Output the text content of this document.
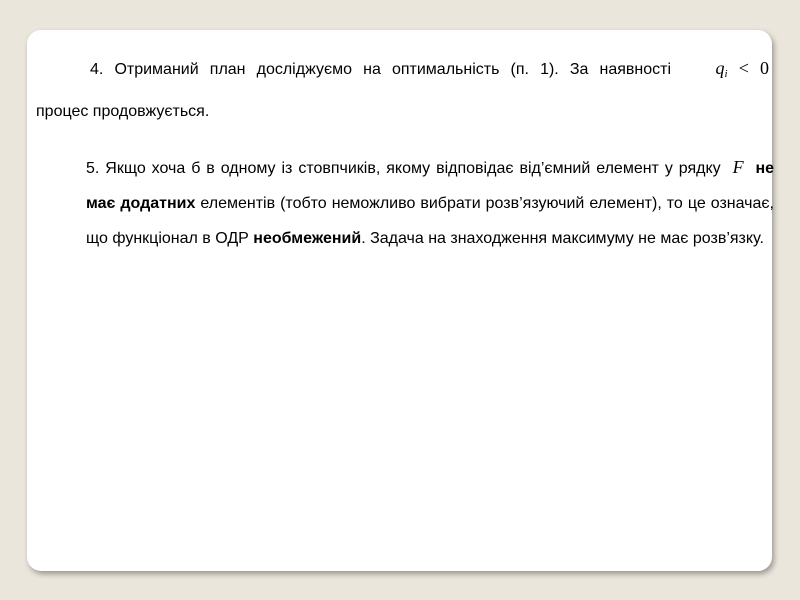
4. Отриманий план досліджуємо на оптимальність (п. 1). За наявності $q_i < 0$
процес продовжується.
5. Якщо хоча б в одному із стовпчиків, якому відповідає від’ємний елемент у рядку  F не має додатних елементів (тобто неможливо вибрати розв’язуючий елемент), то це означає, що функціонал в ОДР необмежений. Задача на знаходження максимуму не має розв’язку.
